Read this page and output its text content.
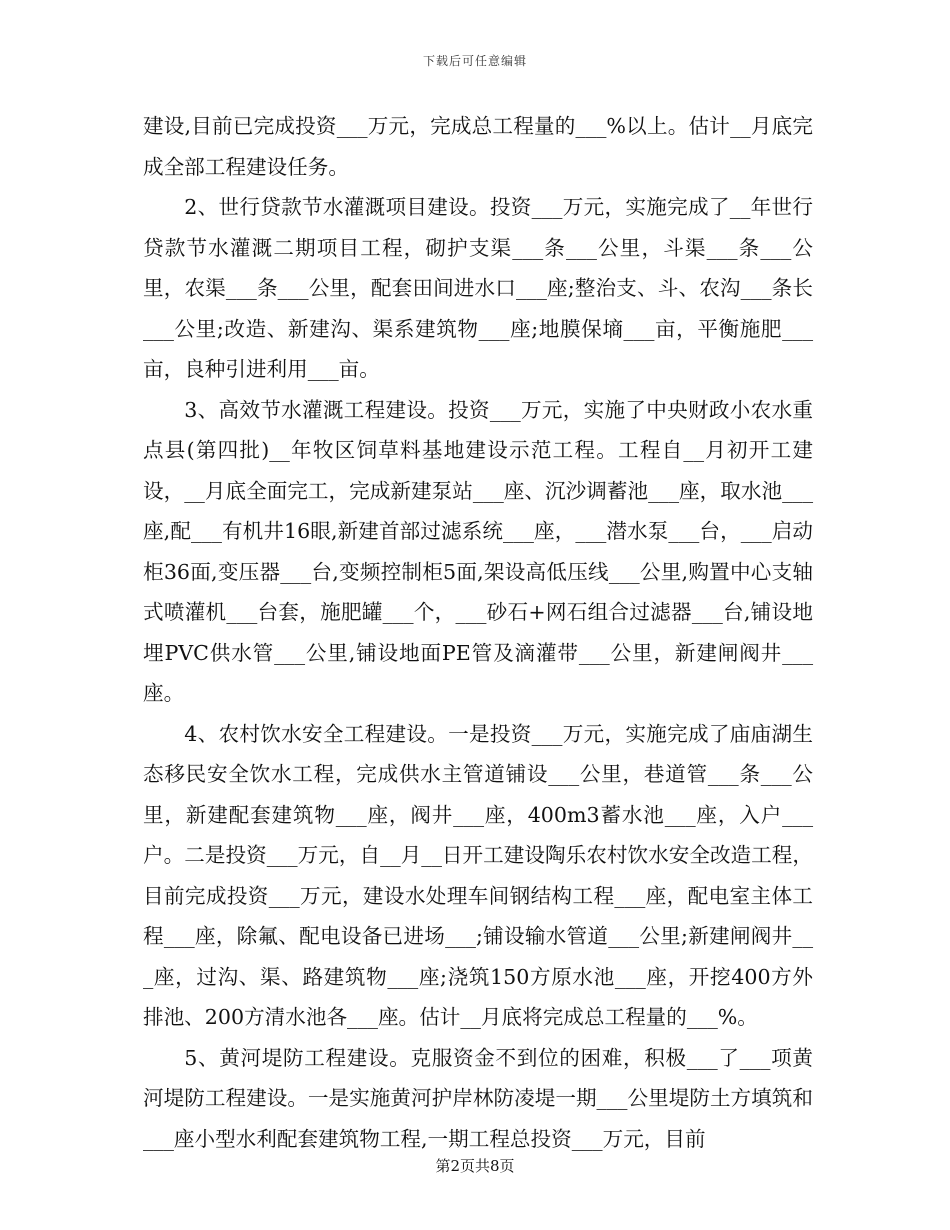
下载后可任意编辑

建设,目前已完成投资___万元，完成总工程量的___%以上。估计__月底完成全部工程建设任务。

2、世行贷款节水灌溉项目建设。投资___万元，实施完成了__年世行贷款节水灌溉二期项目工程，砌护支渠___条___公里，斗渠___条___公里，农渠___条___公里，配套田间进水口___座;整治支、斗、农沟___条长___公里;改造、新建沟、渠系建筑物___座;地膜保墒___亩，平衡施肥___亩，良种引进利用___亩。

3、高效节水灌溉工程建设。投资___万元，实施了中央财政小农水重点县(第四批)__年牧区饲草料基地建设示范工程。工程自__月初开工建设，__月底全面完工，完成新建泵站___座、沉沙调蓄池___座，取水池___座,配___有机井16眼,新建首部过滤系统___座，___潜水泵___台，___启动柜36面,变压器___台,变频控制柜5面,架设高低压线___公里,购置中心支轴式喷灌机___台套，施肥罐___个，___砂石+网石组合过滤器___台,铺设地埋PVC供水管___公里,铺设地面PE管及滴灌带___公里，新建闸阀井___座。

4、农村饮水安全工程建设。一是投资___万元，实施完成了庙庙湖生态移民安全饮水工程，完成供水主管道铺设___公里，巷道管___条___公里，新建配套建筑物___座，阀井___座，400m3蓄水池___座，入户___户。二是投资___万元，自__月__日开工建设陶乐农村饮水安全改造工程，目前完成投资___万元，建设水处理车间钢结构工程___座，配电室主体工程___座，除氟、配电设备已进场___;铺设输水管道___公里;新建闸阀井___座，过沟、渠、路建筑物___座;浇筑150方原水池___座，开挖400方外排池、200方清水池各___座。估计__月底将完成总工程量的___%。

5、黄河堤防工程建设。克服资金不到位的困难，积极___了___项黄河堤防工程建设。一是实施黄河护岸林防凌堤一期___公里堤防土方填筑和___座小型水利配套建筑物工程,一期工程总投资___万元，目前

第2页共8页
